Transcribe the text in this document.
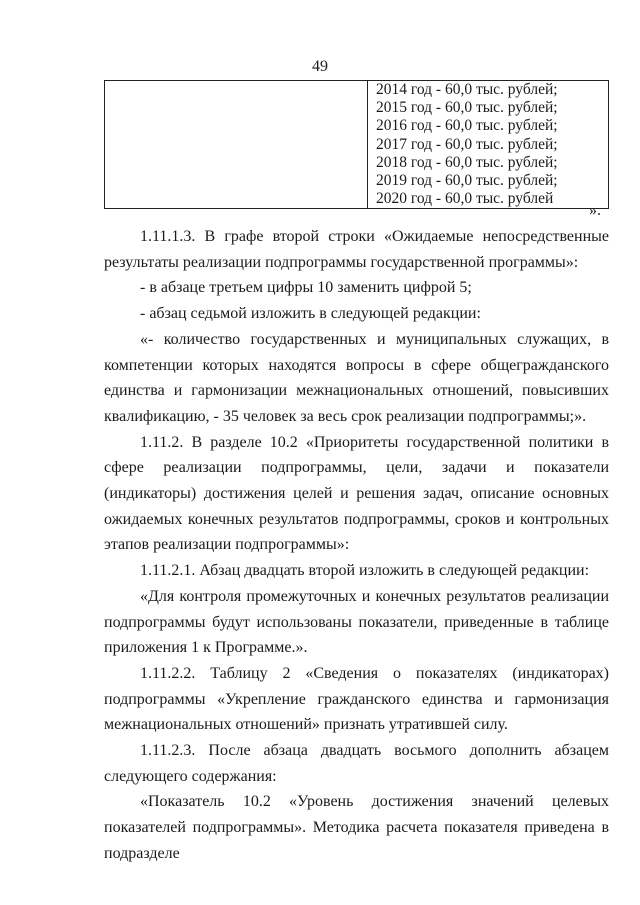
49

2014 год - 60,0 тыс. рублей;
2015 год - 60,0 тыс. рублей;
2016 год - 60,0 тыс. рублей;
2017 год - 60,0 тыс. рублей;
2018 год - 60,0 тыс. рублей;
2019 год - 60,0 тыс. рублей;
2020 год - 60,0 тыс. рублей
».

1.11.1.3. В графе второй строки «Ожидаемые непосредственные результаты реализации подпрограммы государственной программы»:

- в абзаце третьем цифры 10 заменить цифрой 5;

- абзац седьмой изложить в следующей редакции:

«- количество государственных и муниципальных служащих, в компетенции которых находятся вопросы в сфере общегражданского единства и гармонизации межнациональных отношений, повысивших квалификацию, - 35 человек за весь срок реализации подпрограммы;».

1.11.2. В разделе 10.2 «Приоритеты государственной политики в сфере реализации подпрограммы, цели, задачи и показатели (индикаторы) достижения целей и решения задач, описание основных ожидаемых конечных результатов подпрограммы, сроков и контрольных этапов реализации подпрограммы»:

1.11.2.1. Абзац двадцать второй изложить в следующей редакции:

«Для контроля промежуточных и конечных результатов реализации подпрограммы будут использованы показатели, приведенные в таблице приложения 1 к Программе.».

1.11.2.2. Таблицу 2 «Сведения о показателях (индикаторах) подпрограммы «Укрепление гражданского единства и гармонизация межнациональных отношений» признать утратившей силу.

1.11.2.3. После абзаца двадцать восьмого дополнить абзацем следующего содержания:

«Показатель 10.2 «Уровень достижения значений целевых показателей подпрограммы». Методика расчета показателя приведена в подразделе
